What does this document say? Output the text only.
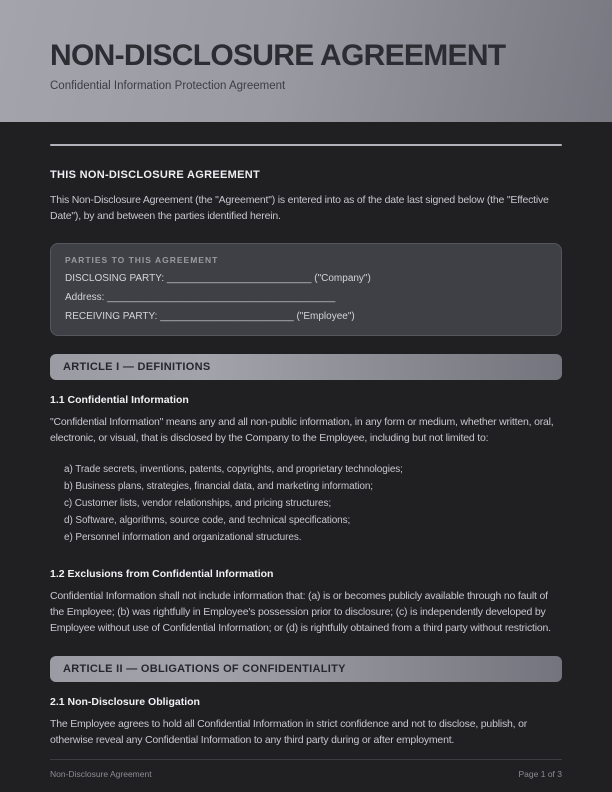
NON-DISCLOSURE AGREEMENT
Confidential Information Protection Agreement
THIS NON-DISCLOSURE AGREEMENT

This Non-Disclosure Agreement (the "Agreement") is entered into as of the date last signed below (the "Effective Date"), by and between the parties identified herein.

PARTIES TO THIS AGREEMENT
DISCLOSING PARTY: __________________________ ("Company")
Address: _________________________________________
RECEIVING PARTY: ________________________ ("Employee")
ARTICLE I — DEFINITIONS
1.1 Confidential Information

"Confidential Information" means any and all non-public information, in any form or medium, whether written, oral, electronic, or visual, that is disclosed by the Company to the Employee, including but not limited to:

a) Trade secrets, inventions, patents, copyrights, and proprietary technologies;
b) Business plans, strategies, financial data, and marketing information;
c) Customer lists, vendor relationships, and pricing structures;
d) Software, algorithms, source code, and technical specifications;
e) Personnel information and organizational structures.
1.2 Exclusions from Confidential Information

Confidential Information shall not include information that: (a) is or becomes publicly available through no fault of the Employee; (b) was rightfully in Employee's possession prior to disclosure; (c) is independently developed by Employee without use of Confidential Information; or (d) is rightfully obtained from a third party without restriction.

ARTICLE II — OBLIGATIONS OF CONFIDENTIALITY
2.1 Non-Disclosure Obligation

The Employee agrees to hold all Confidential Information in strict confidence and not to disclose, publish, or otherwise reveal any Confidential Information to any third party during or after employment.

Non-Disclosure Agreement	Page 1 of 3
